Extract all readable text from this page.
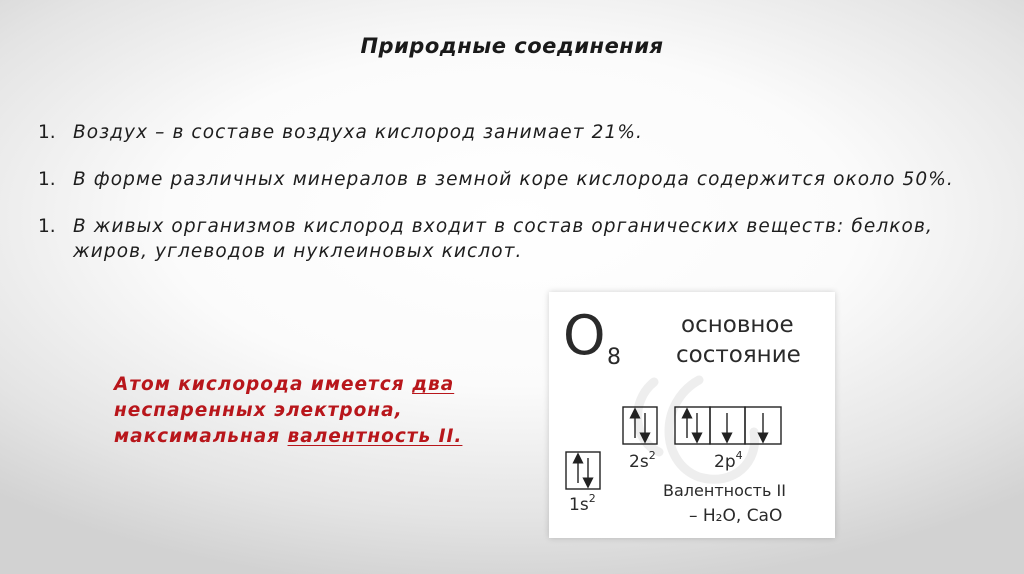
Природные соединения
1. Воздух – в составе воздуха кислород занимает 21%.
1. В форме различных минералов в земной коре кислорода содержится около 50%.
1. В живых организмов кислород входит в состав органических веществ: белков,
жиров, углеводов и нуклеиновых кислот.
Атом кислорода имеется два
неспаренных электрона,
максимальная валентность II.
O 8
основное
состояние
$2s^2$	$2p^4$
$1s^2$	Валентность II
– H₂O, CaO
